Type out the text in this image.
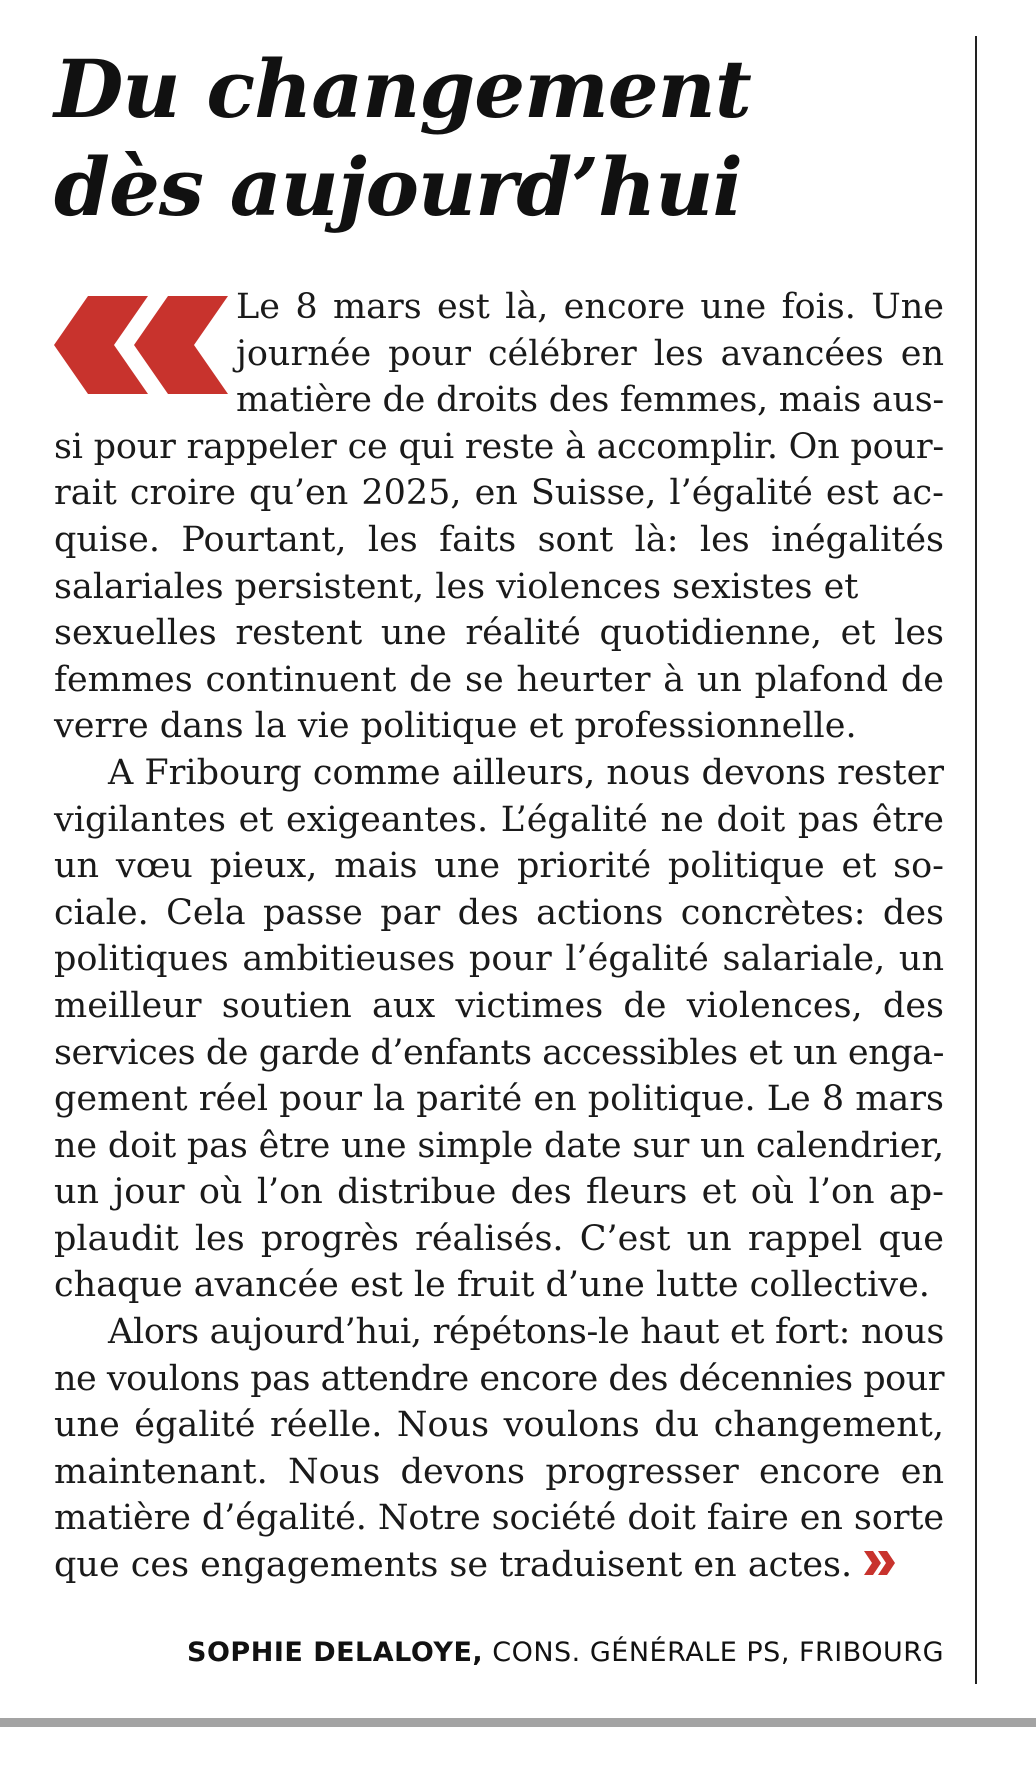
Du changement
dès aujourd’hui
Le 8 mars est là, encore une fois. Une
journée pour célébrer les avancées en
matière de droits des femmes, mais aus-
si pour rappeler ce qui reste à accomplir. On pour-
rait croire qu’en 2025, en Suisse, l’égalité est ac-
quise. Pourtant, les faits sont là: les inégalités
salariales persistent, les violences sexistes et
sexuelles restent une réalité quotidienne, et les
femmes continuent de se heurter à un plafond de
verre dans la vie politique et professionnelle.
A Fribourg comme ailleurs, nous devons rester
vigilantes et exigeantes. L’égalité ne doit pas être
un vœu pieux, mais une priorité politique et so-
ciale. Cela passe par des actions concrètes: des
politiques ambitieuses pour l’égalité salariale, un
meilleur soutien aux victimes de violences, des
services de garde d’enfants accessibles et un enga-
gement réel pour la parité en politique. Le 8 mars
ne doit pas être une simple date sur un calendrier,
un jour où l’on distribue des fleurs et où l’on ap-
plaudit les progrès réalisés. C’est un rappel que
chaque avancée est le fruit d’une lutte collective.
Alors aujourd’hui, répétons-le haut et fort: nous
ne voulons pas attendre encore des décennies pour
une égalité réelle. Nous voulons du changement,
maintenant. Nous devons progresser encore en
matière d’égalité. Notre société doit faire en sorte
que ces engagements se traduisent en actes.
SOPHIE DELALOYE, CONS. GÉNÉRALE PS, FRIBOURG
